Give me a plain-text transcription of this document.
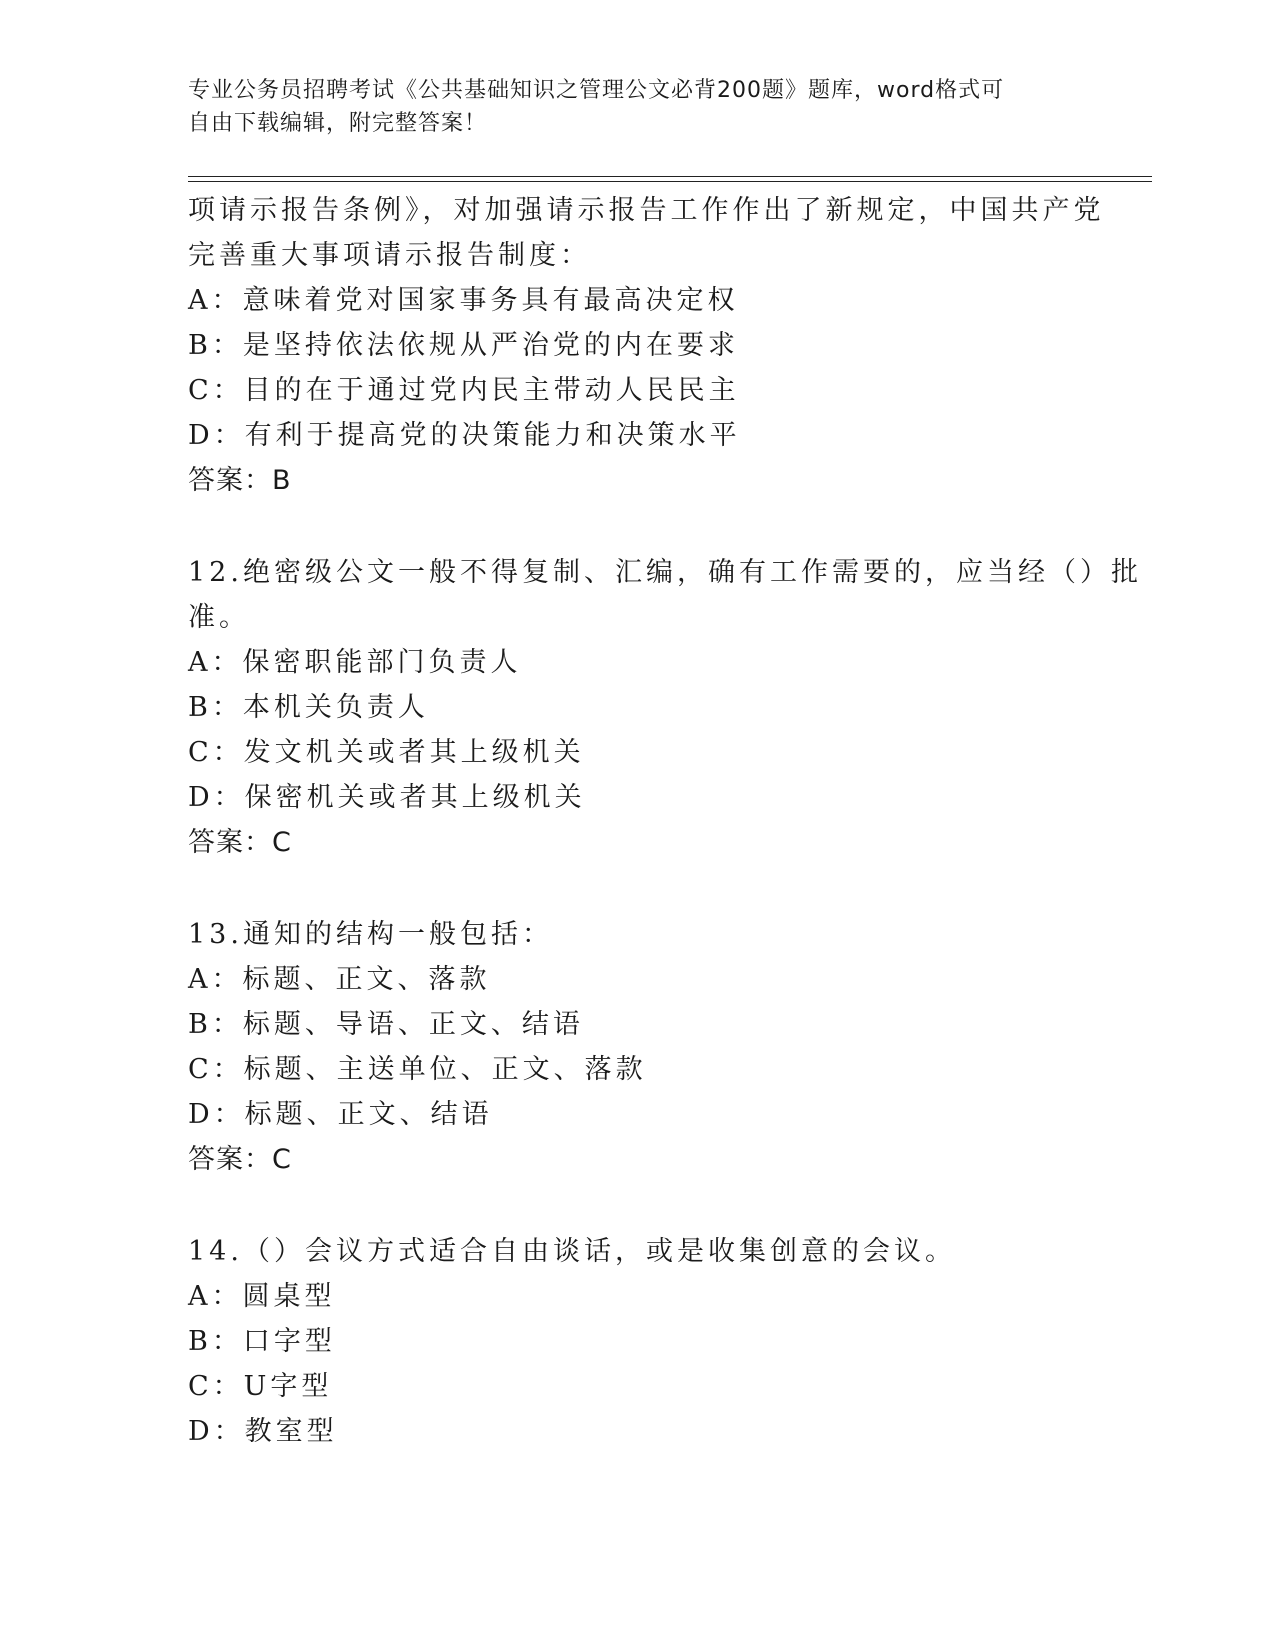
专业公务员招聘考试《公共基础知识之管理公文必背200题》题库，word格式可
自由下载编辑，附完整答案！
项请示报告条例》，对加强请示报告工作作出了新规定，中国共产党
完善重大事项请示报告制度：
A：意味着党对国家事务具有最高决定权
B：是坚持依法依规从严治党的内在要求
C：目的在于通过党内民主带动人民民主
D：有利于提高党的决策能力和决策水平
答案：B
12.绝密级公文一般不得复制、汇编，确有工作需要的，应当经（）批
准。
A：保密职能部门负责人
B：本机关负责人
C：发文机关或者其上级机关
D：保密机关或者其上级机关
答案：C
13.通知的结构一般包括：
A：标题、正文、落款
B：标题、导语、正文、结语
C：标题、主送单位、正文、落款
D：标题、正文、结语
答案：C
14.（）会议方式适合自由谈话，或是收集创意的会议。
A：圆桌型
B：口字型
C：U字型
D：教室型
